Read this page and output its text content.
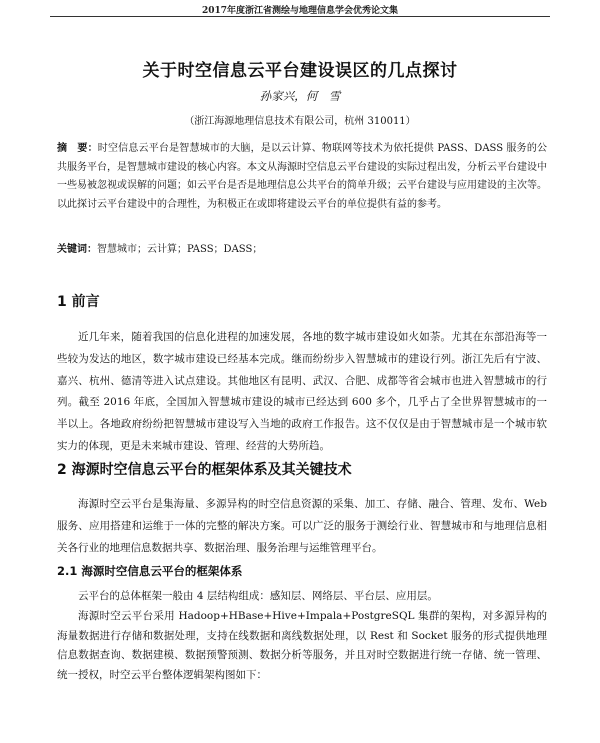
2017年度浙江省测绘与地理信息学会优秀论文集
关于时空信息云平台建设误区的几点探讨
孙家兴，何　雪
（浙江海源地理信息技术有限公司，杭州 310011）
摘　要：时空信息云平台是智慧城市的大脑，是以云计算、物联网等技术为依托提供 PASS、DASS 服务的公共服务平台，是智慧城市建设的核心内容。本文从海源时空信息云平台建设的实际过程出发，分析云平台建设中一些易被忽视或误解的问题；如云平台是否是地理信息公共平台的简单升级；云平台建设与应用建设的主次等。以此探讨云平台建设中的合理性，为积极正在或即将建设云平台的单位提供有益的参考。
关键词：智慧城市；云计算；PASS；DASS；
1 前言
近几年来，随着我国的信息化进程的加速发展，各地的数字城市建设如火如荼。尤其在东部沿海等一些较为发达的地区，数字城市建设已经基本完成。继而纷纷步入智慧城市的建设行列。浙江先后有宁波、嘉兴、杭州、德清等进入试点建设。其他地区有昆明、武汉、合肥、成都等省会城市也进入智慧城市的行列。截至 2016 年底，全国加入智慧城市建设的城市已经达到 600 多个，几乎占了全世界智慧城市的一半以上。各地政府纷纷把智慧城市建设写入当地的政府工作报告。这不仅仅是由于智慧城市是一个城市软实力的体现，更是未来城市建设、管理、经营的大势所趋。
2 海源时空信息云平台的框架体系及其关键技术
海源时空云平台是集海量、多源异构的时空信息资源的采集、加工、存储、融合、管理、发布、Web 服务、应用搭建和运维于一体的完整的解决方案。可以广泛的服务于测绘行业、智慧城市和与地理信息相关各行业的地理信息数据共享、数据治理、服务治理与运维管理平台。
2.1 海源时空信息云平台的框架体系
云平台的总体框架一般由 4 层结构组成：感知层、网络层、平台层、应用层。
海源时空云平台采用 Hadoop+HBase+Hive+Impala+PostgreSQL 集群的架构，对多源异构的海量数据进行存储和数据处理，支持在线数据和离线数据处理，以 Rest 和 Socket 服务的形式提供地理信息数据查询、数据建模、数据预警预测、数据分析等服务，并且对时空数据进行统一存储、统一管理、统一授权，时空云平台整体逻辑架构图如下：
